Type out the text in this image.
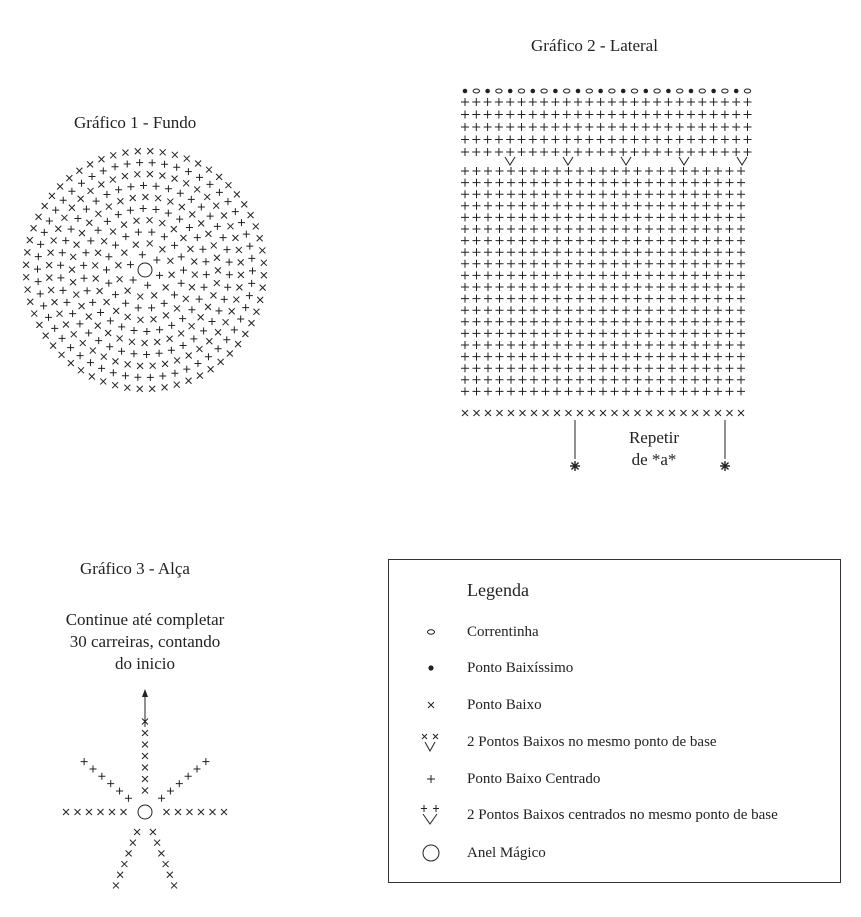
Gráfico 1 - Fundo
Gráfico 2 - Lateral
Gráfico 3 - Alça
Repetir
de *a*
Continue até completar
30 carreiras, contando
do inicio
Legenda
Correntinha
Ponto Baixíssimo
Ponto Baixo
2 Pontos Baixos no mesmo ponto de base
Ponto Baixo Centrado
2 Pontos Baixos centrados no mesmo ponto de base
Anel Mágico
